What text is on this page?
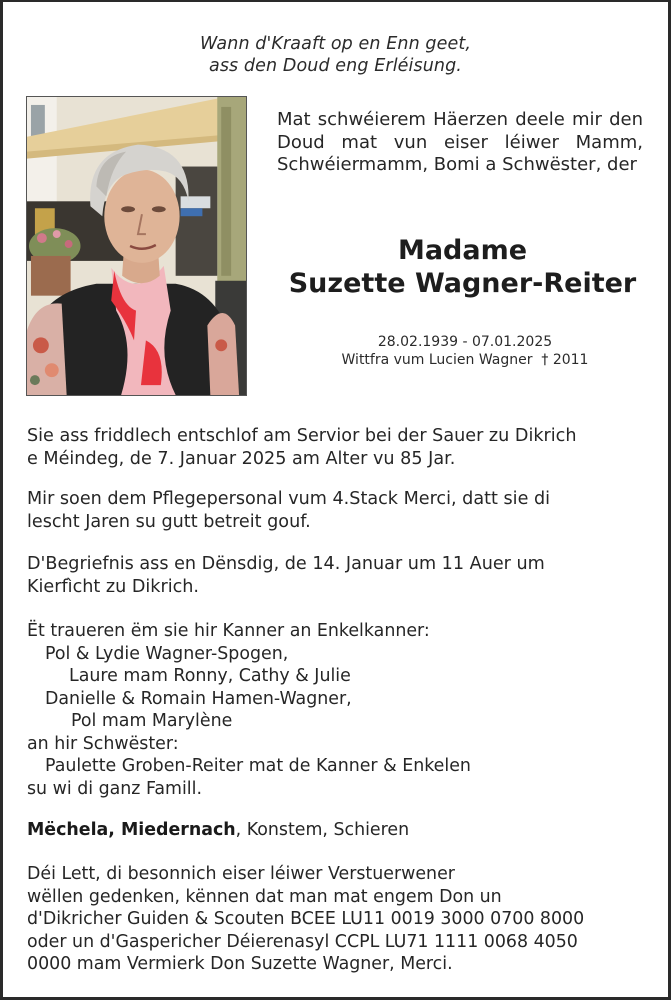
Wann d'Kraaft op en Enn geet,
ass den Doud eng Erléisung.
Mat schwéierem Häerzen deele mir den Doud mat vun eiser léiwer Mamm, Schwéiermamm, Bomi a Schwëster, der
Madame
Suzette Wagner-Reiter
28.02.1939 - 07.01.2025
Wittfra vum Lucien Wagner  † 2011
Sie ass friddlech entschlof am Servior bei der Sauer zu Dikrich
e Méindeg, de 7. Januar 2025 am Alter vu 85 Jar.
Mir soen dem Pflegepersonal vum 4.Stack Merci, datt sie di
lescht Jaren su gutt betreit gouf.
D'Begriefnis ass en Dënsdig, de 14. Januar um 11 Auer um
Kierfìcht zu Dikrich.
Ët traueren ëm sie hir Kanner an Enkelkanner:
Pol & Lydie Wagner-Spogen,
Laure mam Ronny, Cathy & Julie
Danielle & Romain Hamen-Wagner,
Pol mam Marylène
an hir Schwëster:
Paulette Groben-Reiter mat de Kanner & Enkelen
su wi di ganz Famill.
Mëchela, Miedernach, Konstem, Schieren
Déi Lett, di besonnich eiser léiwer Verstuerwener
wëllen gedenken, kënnen dat man mat engem Don un
d'Dikricher Guiden & Scouten BCEE LU11 0019 3000 0700 8000
oder un d'Gaspericher Déierenasyl CCPL LU71 1111 0068 4050
0000 mam Vermierk Don Suzette Wagner, Merci.
